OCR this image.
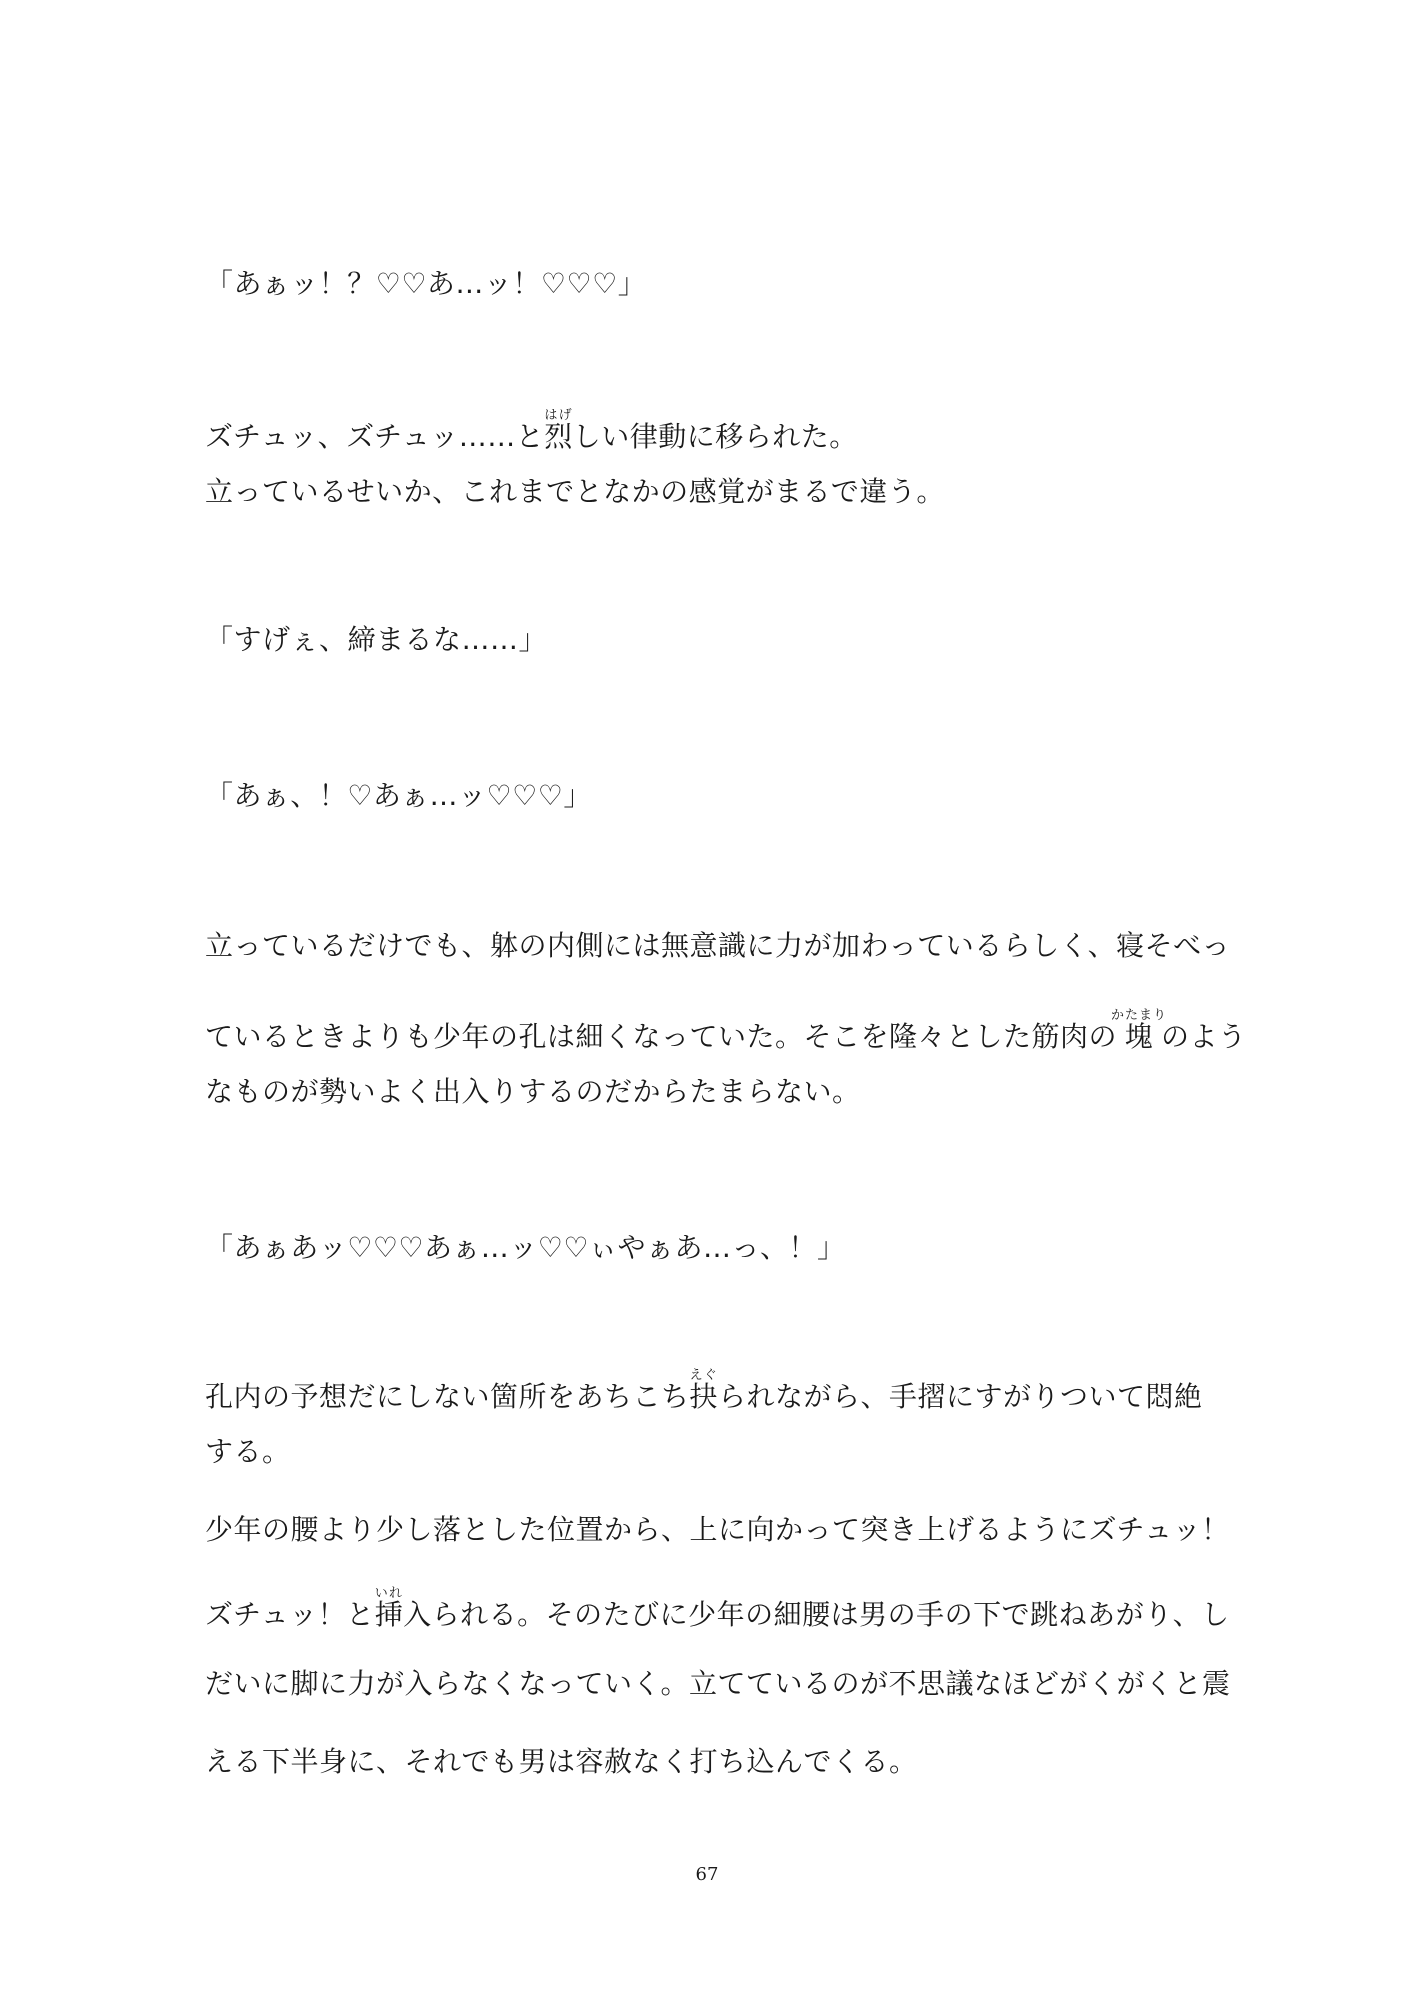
「あぁッ！？♡♡あ…ッ！♡♡♡」
ズチュッ、ズチュッ……と烈はげしい律動に移られた。
立っているせいか、これまでとなかの感覚がまるで違う。
「すげぇ、締まるな……」
「あぁ、！♡あぁ…ッ♡♡♡」
立っているだけでも、躰の内側には無意識に力が加わっているらしく、寝そべっ
ているときよりも少年の孔は細くなっていた。そこを隆々とした筋肉の塊かたまりのよう
なものが勢いよく出入りするのだからたまらない。
「あぁあッ♡♡♡あぁ…ッ♡♡ぃやぁあ…っ、！」
孔内の予想だにしない箇所をあちこち抉えぐられながら、手摺にすがりついて悶絶
する。
少年の腰より少し落とした位置から、上に向かって突き上げるようにズチュッ！
ズチュッ！と挿いれ入られる。そのたびに少年の細腰は男の手の下で跳ねあがり、し
だいに脚に力が入らなくなっていく。立てているのが不思議なほどがくがくと震
える下半身に、それでも男は容赦なく打ち込んでくる。
67
